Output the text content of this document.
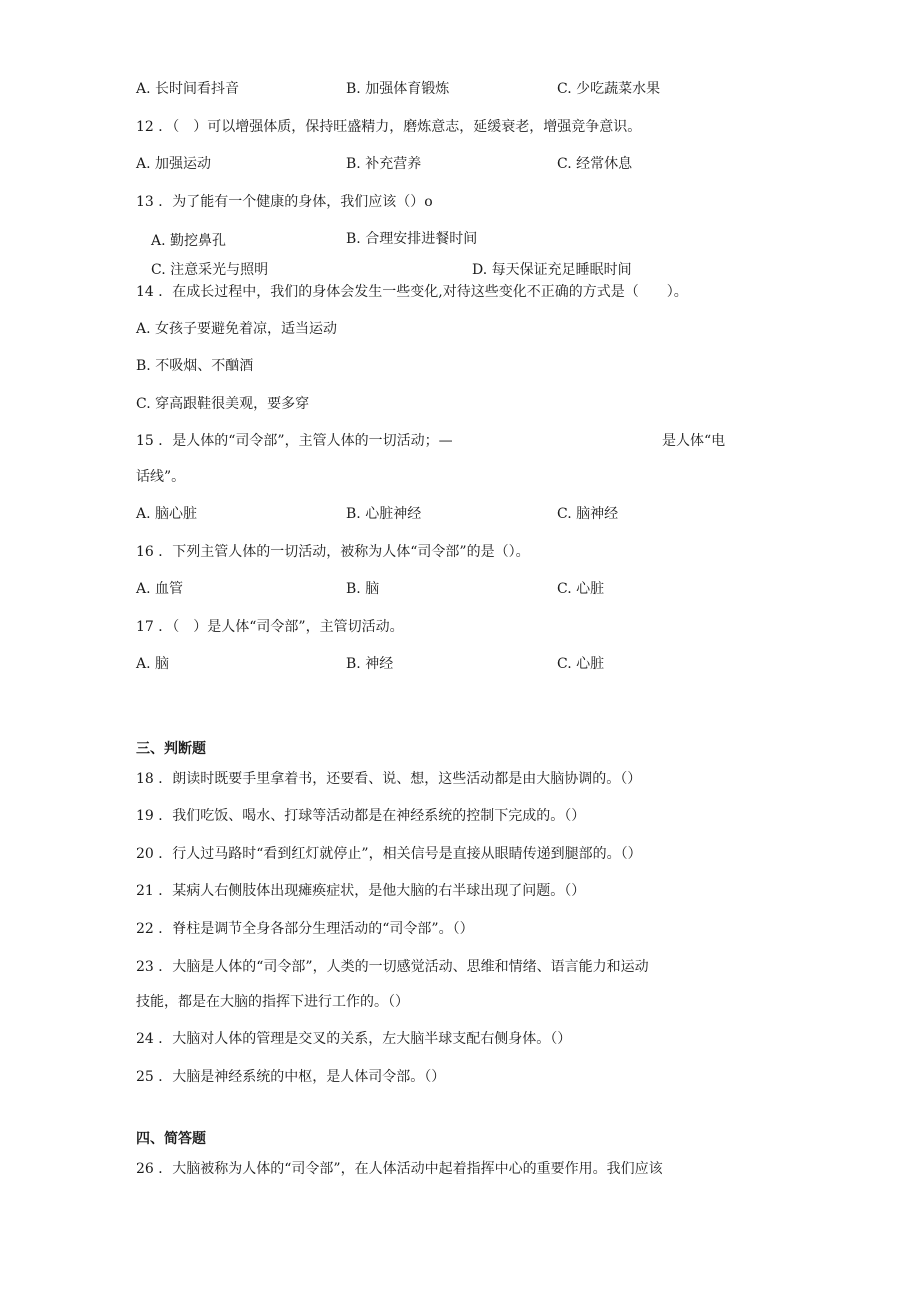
A. 长时间看抖音	B. 加强体育锻炼	C. 少吃蔬菜水果
12 ．（　）可以增强体质，保持旺盛精力，磨炼意志，延缓衰老，增强竞争意识。
A. 加强运动	B. 补充营养	C. 经常休息
13 ．为了能有一个健康的身体，我们应该（）o
A. 勤挖鼻孔	B. 合理安排进餐时间
C. 注意采光与照明	D. 每天保证充足睡眠时间
14 ．在成长过程中，我们的身体会发生一些变化,对待这些变化不正确的方式是（　　）。
A. 女孩子要避免着凉，适当运动
B. 不吸烟、不酗酒
C. 穿高跟鞋很美观，要多穿
15 ．是人体的“司令部”，主管人体的一切活动；—	是人体“电
话线”。
A. 脑心脏	B. 心脏神经	C. 脑神经
16 ．下列主管人体的一切活动，被称为人体“司令部”的是（）。
A. 血管	B. 脑	C. 心脏
17 ．（　）是人体“司令部”，主管切活动。
A. 脑	B. 神经	C. 心脏
三、判断题
18 ．朗读时既要手里拿着书，还要看、说、想，这些活动都是由大脑协调的。（）
19 ．我们吃饭、喝水、打球等活动都是在神经系统的控制下完成的。（）
20 ．行人过马路时“看到红灯就停止”，相关信号是直接从眼睛传递到腿部的。（）
21 ．某病人右侧肢体出现瘫痪症状，是他大脑的右半球出现了问题。（）
22 ．脊柱是调节全身各部分生理活动的“司令部”。（）
23 ．大脑是人体的“司令部”，人类的一切感觉活动、思维和情绪、语言能力和运动
技能，都是在大脑的指挥下进行工作的。（）
24 ．大脑对人体的管理是交叉的关系，左大脑半球支配右侧身体。（）
25 ．大脑是神经系统的中枢，是人体司令部。（）
四、简答题
26 ．大脑被称为人体的“司令部”，在人体活动中起着指挥中心的重要作用。我们应该
